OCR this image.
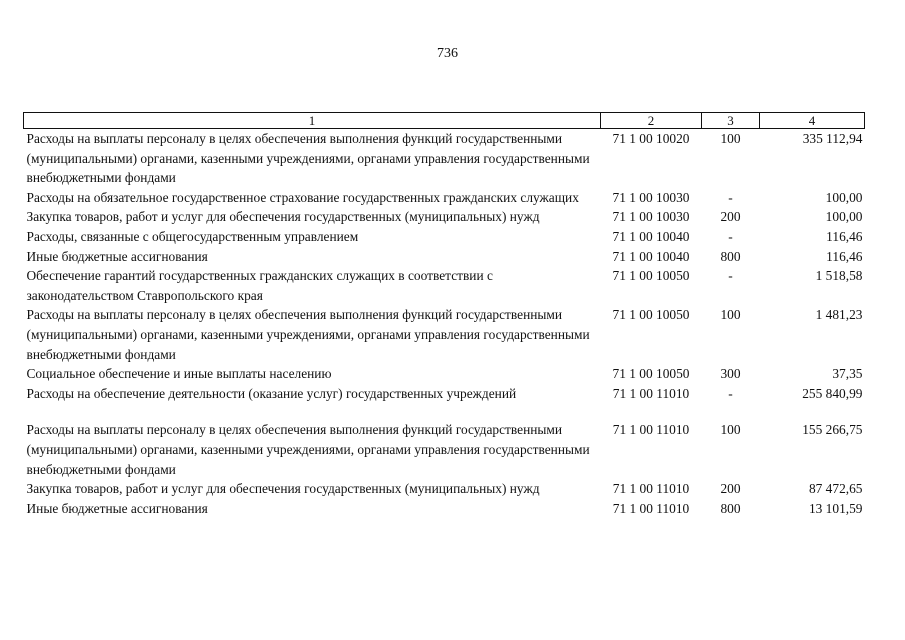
736
1	2	3	4
Расходы на выплаты персоналу в целях обеспечения выполнения функций государственными (муниципальными) органами, казенными учреждениями, органами управления государственными внебюджетными фондами	71 1 00 10020	100	335 112,94
Расходы на обязательное государственное страхование государственных гражданских служащих	71 1 00 10030	-	100,00
Закупка товаров, работ и услуг для обеспечения государственных (муниципальных) нужд	71 1 00 10030	200	100,00
Расходы, связанные с общегосударственным управлением	71 1 00 10040	-	116,46
Иные бюджетные ассигнования	71 1 00 10040	800	116,46
Обеспечение гарантий государственных гражданских служащих в соответствии с законодательством Ставропольского края	71 1 00 10050	-	1 518,58
Расходы на выплаты персоналу в целях обеспечения выполнения функций государственными (муниципальными) органами, казенными учреждениями, органами управления государственными внебюджетными фондами	71 1 00 10050	100	1 481,23
Социальное обеспечение и иные выплаты населению	71 1 00 10050	300	37,35
Расходы на обеспечение деятельности (оказание услуг) государственных учреждений	71 1 00 11010	-	255 840,99
Расходы на выплаты персоналу в целях обеспечения выполнения функций государственными (муниципальными) органами, казенными учреждениями, органами управления государственными внебюджетными фондами	71 1 00 11010	100	155 266,75
Закупка товаров, работ и услуг для обеспечения государственных (муниципальных) нужд	71 1 00 11010	200	87 472,65
Иные бюджетные ассигнования	71 1 00 11010	800	13 101,59
